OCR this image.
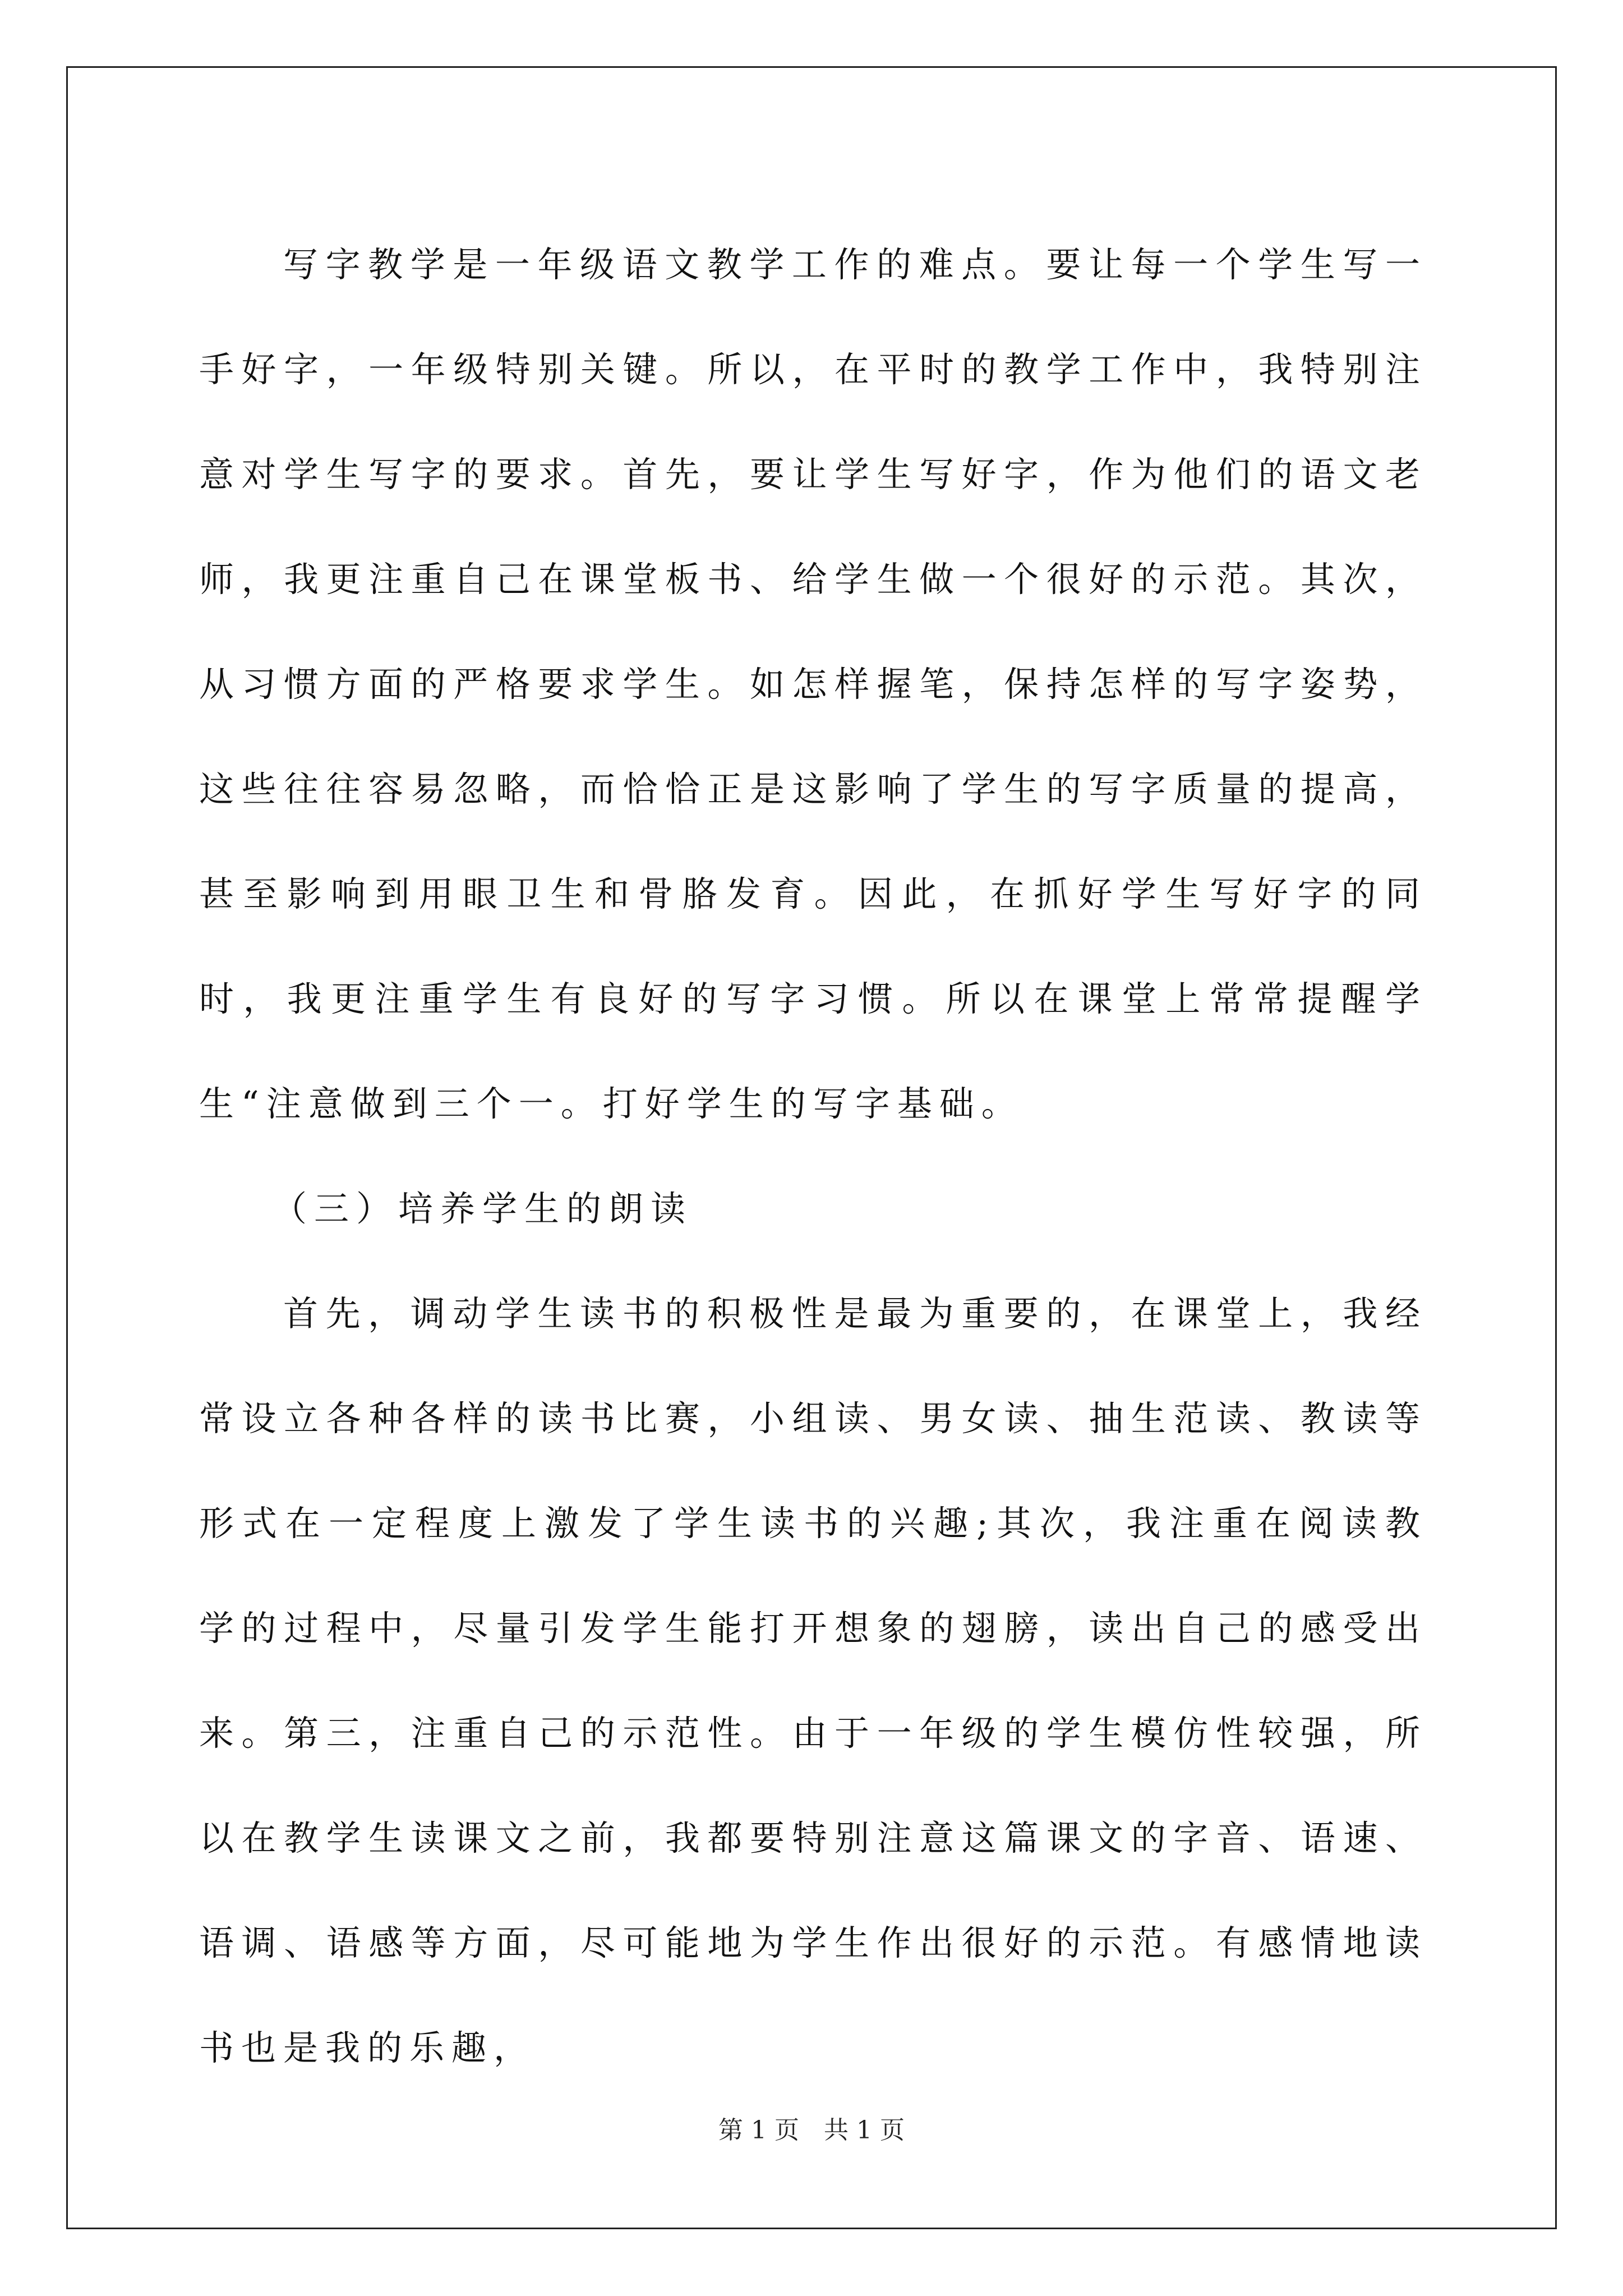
写字教学是一年级语文教学工作的难点。要让每一个学生写一手好字，一年级特别关键。所以，在平时的教学工作中，我特别注意对学生写字的要求。首先，要让学生写好字，作为他们的语文老师，我更注重自己在课堂板书、给学生做一个很好的示范。其次，从习惯方面的严格要求学生。如怎样握笔，保持怎样的写字姿势，这些往往容易忽略，而恰恰正是这影响了学生的写字质量的提高，甚至影响到用眼卫生和骨胳发育。因此，在抓好学生写好字的同时，我更注重学生有良好的写字习惯。所以在课堂上常常提醒学生“注意做到三个一。打好学生的写字基础。

（三）培养学生的朗读

首先，调动学生读书的积极性是最为重要的，在课堂上，我经常设立各种各样的读书比赛，小组读、男女读、抽生范读、教读等形式在一定程度上激发了学生读书的兴趣;其次，我注重在阅读教学的过程中，尽量引发学生能打开想象的翅膀，读出自己的感受出来。第三，注重自己的示范性。由于一年级的学生模仿性较强，所以在教学生读课文之前，我都要特别注意这篇课文的字音、语速、语调、语感等方面，尽可能地为学生作出很好的示范。有感情地读书也是我的乐趣，

第 1 页　共 1 页
